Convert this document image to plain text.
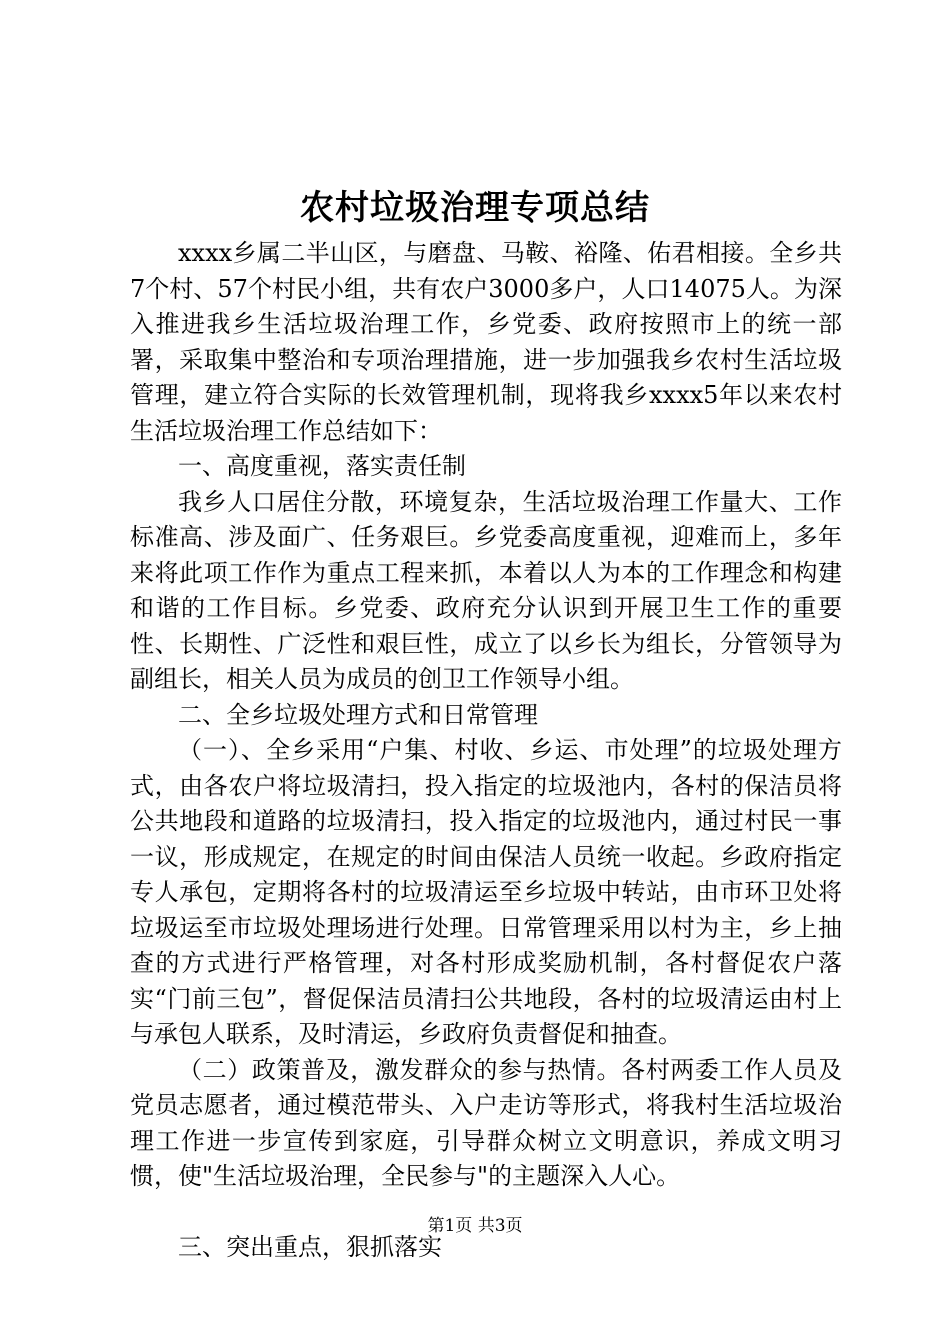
农村垃圾治理专项总结

xxxx乡属二半山区，与磨盘、马鞍、裕隆、佑君相接。全乡共7个村、57个村民小组，共有农户3000多户，人口14075人。为深入推进我乡生活垃圾治理工作，乡党委、政府按照市上的统一部署，采取集中整治和专项治理措施，进一步加强我乡农村生活垃圾管理，建立符合实际的长效管理机制，现将我乡xxxx5年以来农村生活垃圾治理工作总结如下：

一、高度重视，落实责任制

我乡人口居住分散，环境复杂，生活垃圾治理工作量大、工作标准高、涉及面广、任务艰巨。乡党委高度重视，迎难而上，多年来将此项工作作为重点工程来抓，本着以人为本的工作理念和构建和谐的工作目标。乡党委、政府充分认识到开展卫生工作的重要性、长期性、广泛性和艰巨性，成立了以乡长为组长，分管领导为副组长，相关人员为成员的创卫工作领导小组。

二、全乡垃圾处理方式和日常管理

（一）、全乡采用“户集、村收、乡运、市处理”的垃圾处理方式，由各农户将垃圾清扫，投入指定的垃圾池内，各村的保洁员将公共地段和道路的垃圾清扫，投入指定的垃圾池内，通过村民一事一议，形成规定，在规定的时间由保洁人员统一收起。乡政府指定专人承包，定期将各村的垃圾清运至乡垃圾中转站，由市环卫处将垃圾运至市垃圾处理场进行处理。日常管理采用以村为主，乡上抽查的方式进行严格管理，对各村形成奖励机制，各村督促农户落实“门前三包”，督促保洁员清扫公共地段，各村的垃圾清运由村上与承包人联系，及时清运，乡政府负责督促和抽查。

（二）政策普及，激发群众的参与热情。各村两委工作人员及党员志愿者，通过模范带头、入户走访等形式，将我村生活垃圾治理工作进一步宣传到家庭，引导群众树立文明意识，养成文明习惯，使"生活垃圾治理，全民参与"的主题深入人心。

三、突出重点，狠抓落实

第1页 共3页
